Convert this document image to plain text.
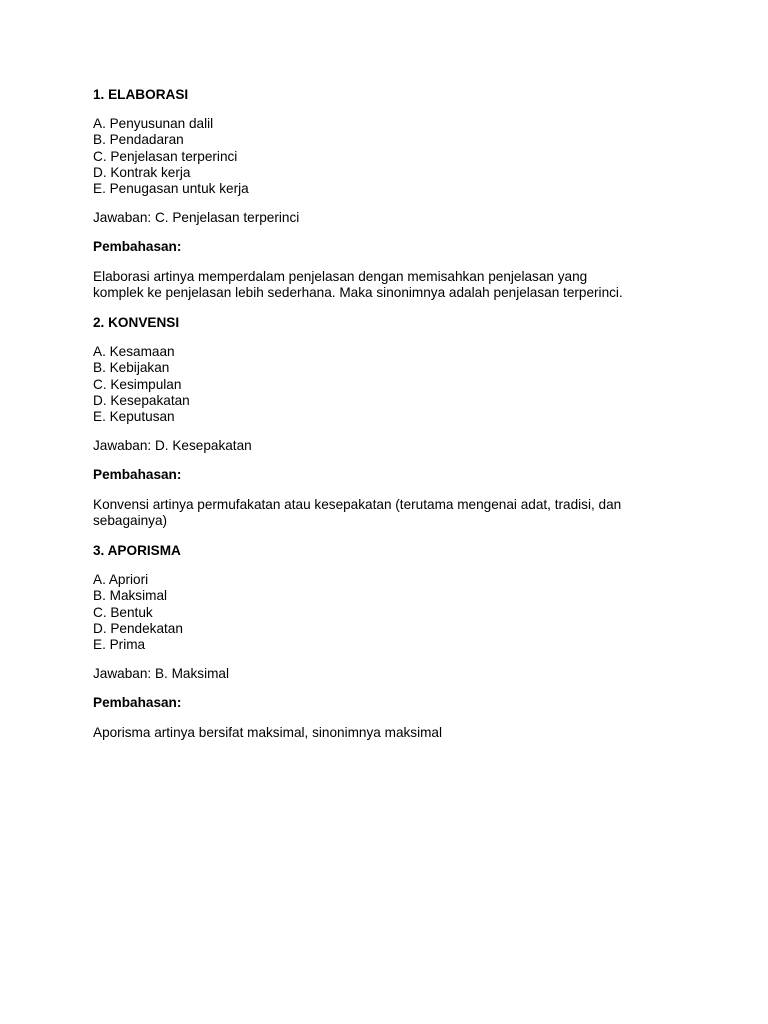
1. ELABORASI
A. Penyusunan dalil
B. Pendadaran
C. Penjelasan terperinci
D. Kontrak kerja
E. Penugasan untuk kerja
Jawaban: C. Penjelasan terperinci
Pembahasan:
Elaborasi artinya memperdalam penjelasan dengan memisahkan penjelasan yang
komplek ke penjelasan lebih sederhana. Maka sinonimnya adalah penjelasan terperinci.
2. KONVENSI
A. Kesamaan
B. Kebijakan
C. Kesimpulan
D. Kesepakatan
E. Keputusan
Jawaban: D. Kesepakatan
Pembahasan:
Konvensi artinya permufakatan atau kesepakatan (terutama mengenai adat, tradisi, dan
sebagainya)
3. APORISMA
A. Apriori
B. Maksimal
C. Bentuk
D. Pendekatan
E. Prima
Jawaban: B. Maksimal
Pembahasan:
Aporisma artinya bersifat maksimal, sinonimnya maksimal
